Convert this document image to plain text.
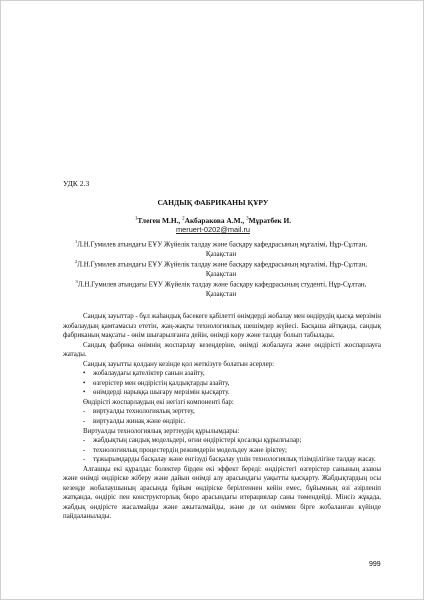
УДК 2.3
САНДЫҚ ФАБРИКАНЫ ҚҰРУ
$^1$Тлеген М.Н., $^2$Акбаракова А.М., $^3$Мұратбек И.
meruert-0202@mail.ru
$^1$Л.Н.Гумилев атындағы ЕҰУ Жүйелік талдау және басқару кафедрасының мұғалімі, Нұр-Сұлтан, Қазақстан
$^2$Л.Н.Гумилев атындағы ЕҰУ Жүйелік талдау және басқару кафедрасының мұғалімі, Нұр-Сұлтан, Қазақстан
$^3$Л.Н.Гумилев атындағы ЕҰУ Жүйелік талдау және басқару кафедрасының студенті, Нұр-Сұлтан, Қазақстан

Сандық зауыттар - бұл жаһандық бәсекеге қабілетті өнімдерді жобалау мен өндірудің қысқа мерзімін жобалаудың қамтамасыз ететін, жаң-жақты технологиялық шешімдер жүйесі. Басқаша айтқанда, сандық фабриканың мақсаты - өнім шығарылғанға дейін, өнімді көру және талдау болып табылады.

Сандық фабрика өнімнің жоспарлау кезеңдеріне, өнімді жобалауға және өндірісті жоспарлауға жатады.

Сандық зауытты қолдану кезінде қол жеткізуге болатын әсерлер:

•	жобалаудағы қателіктер санын азайту,
•	өзгерістер мен өндірістің қалдықтарды азайту,
•	өнімдерді нарыққа шығару мерзімін қысқарту.

Өндірісті жоспарлаудың екі негізгі компоненті бар:

-	виртуалды технологиялық зерттеу,
-	виртуалды жинақ және өндіріс.

Виртуалды технологиялық зерттеудің құрылымдары:

-	жабдықтың сандық модельдері, өгни өндірістері қосалқы құрылғылар;
-	технологиялық процестердің режимдерін модельдеу және іріктеу;
-	тұжырымдарды басқалау және енгізуді басқалау үшін технологиялық тізімділігіне талдау жасау.

Алғашқы екі құралдас болектер бірден екі эффект береді: өндірістегі өзгерістер санының азаюы және өнімді өндіріске жіберу және дайын өнімді алу арасындағы уақытты қысқарту. Жабдықтардың осы кезеңде жобалаушының арасында бұйым өндіріске берілгеннен кейін емес, бұйымның өзі әзірленіп жатқанда, өндіріс пен конструкторлық бюро арасындағы итерациялар саны төмендейді. Мінсіз жұқада, жабдық өндірісте жасалмайды және ажыталмайды, және де ол өніммен бірге жобаланған күйінде пайдаланылады.

999
